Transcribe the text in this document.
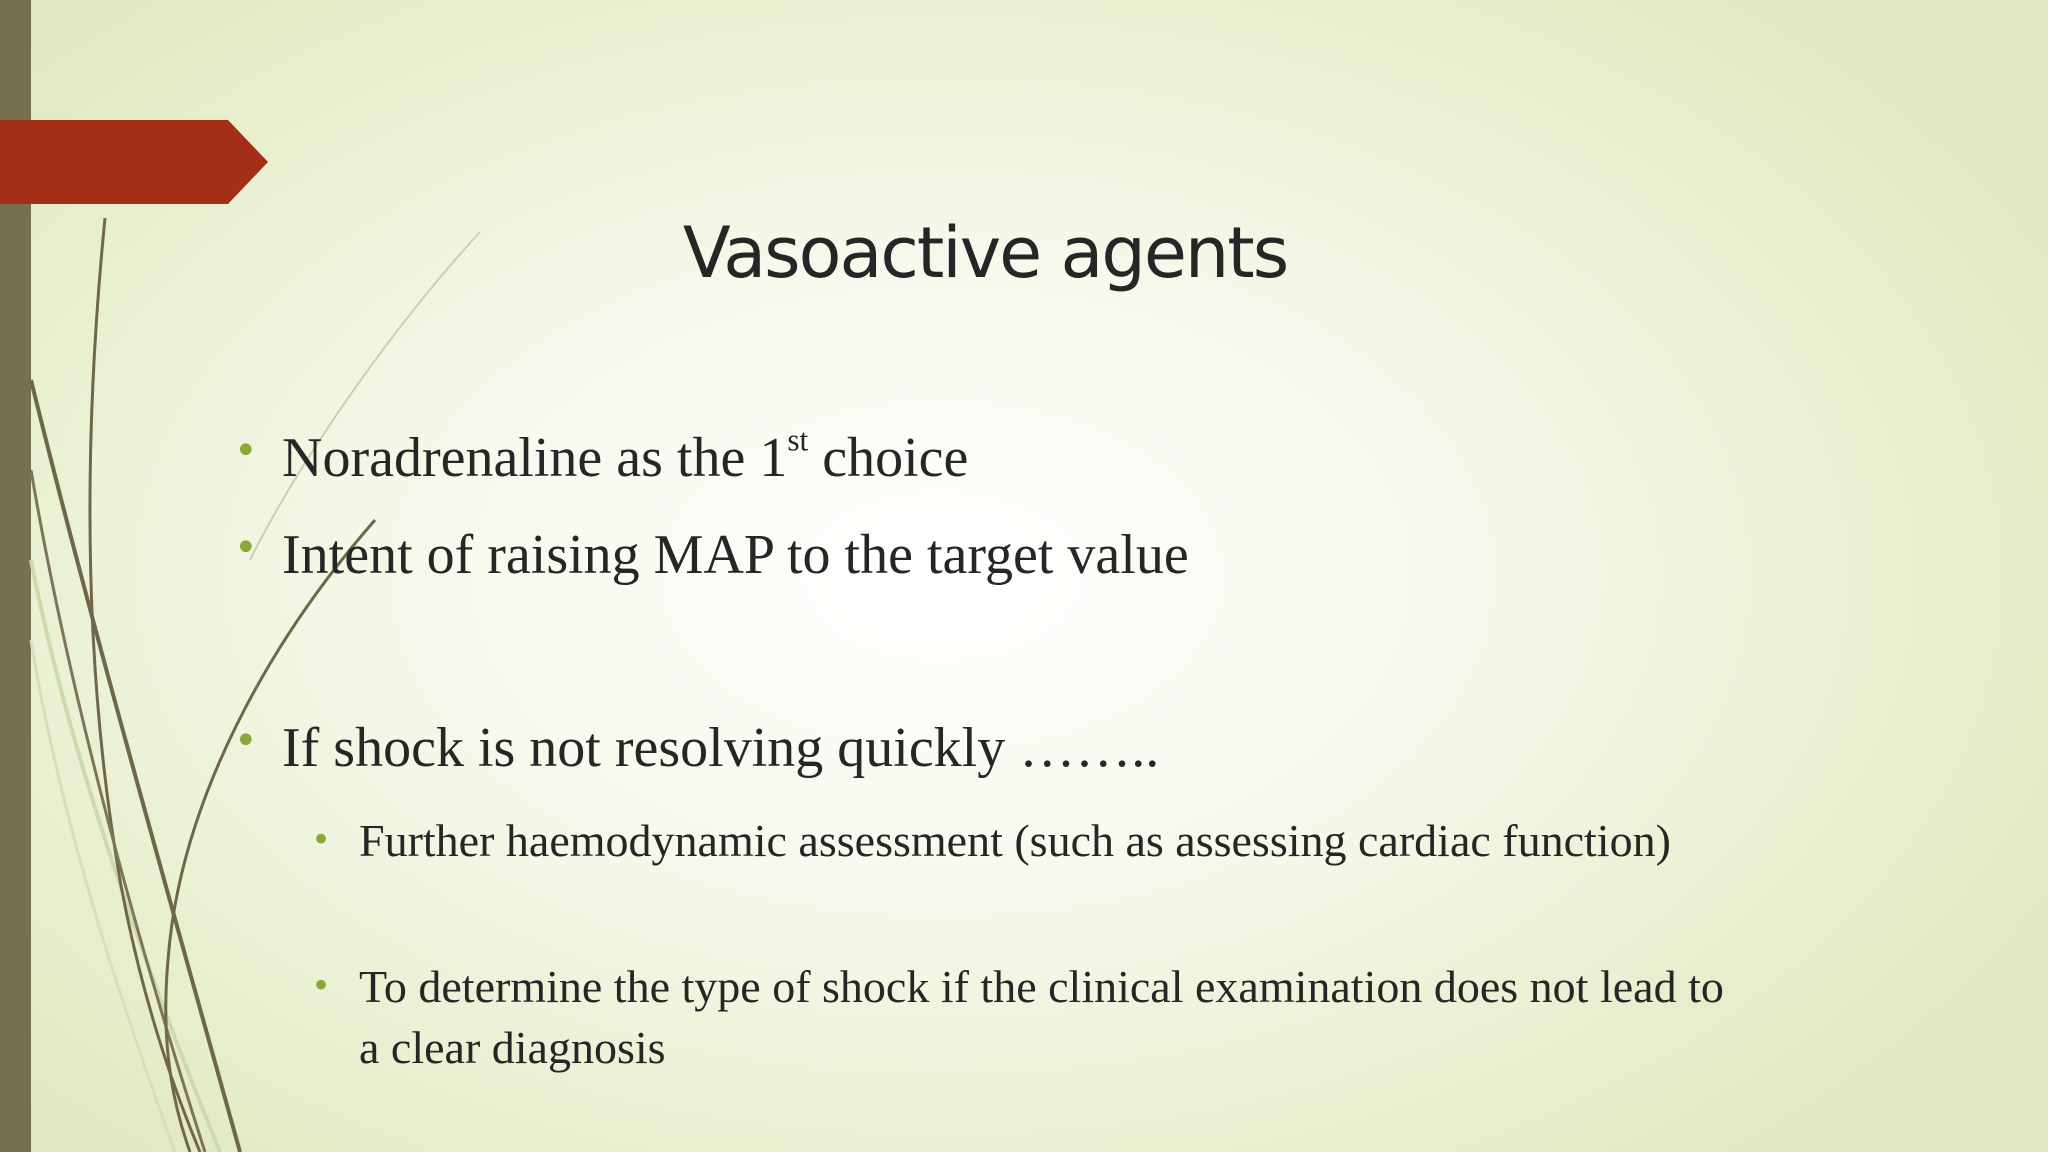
Vasoactive agents
• Noradrenaline as the 1st choice
• Intent of raising MAP to the target value
• If shock is not resolving quickly ……..
• Further haemodynamic assessment (such as assessing cardiac function)
• To determine the type of shock if the clinical examination does not lead to a clear diagnosis
